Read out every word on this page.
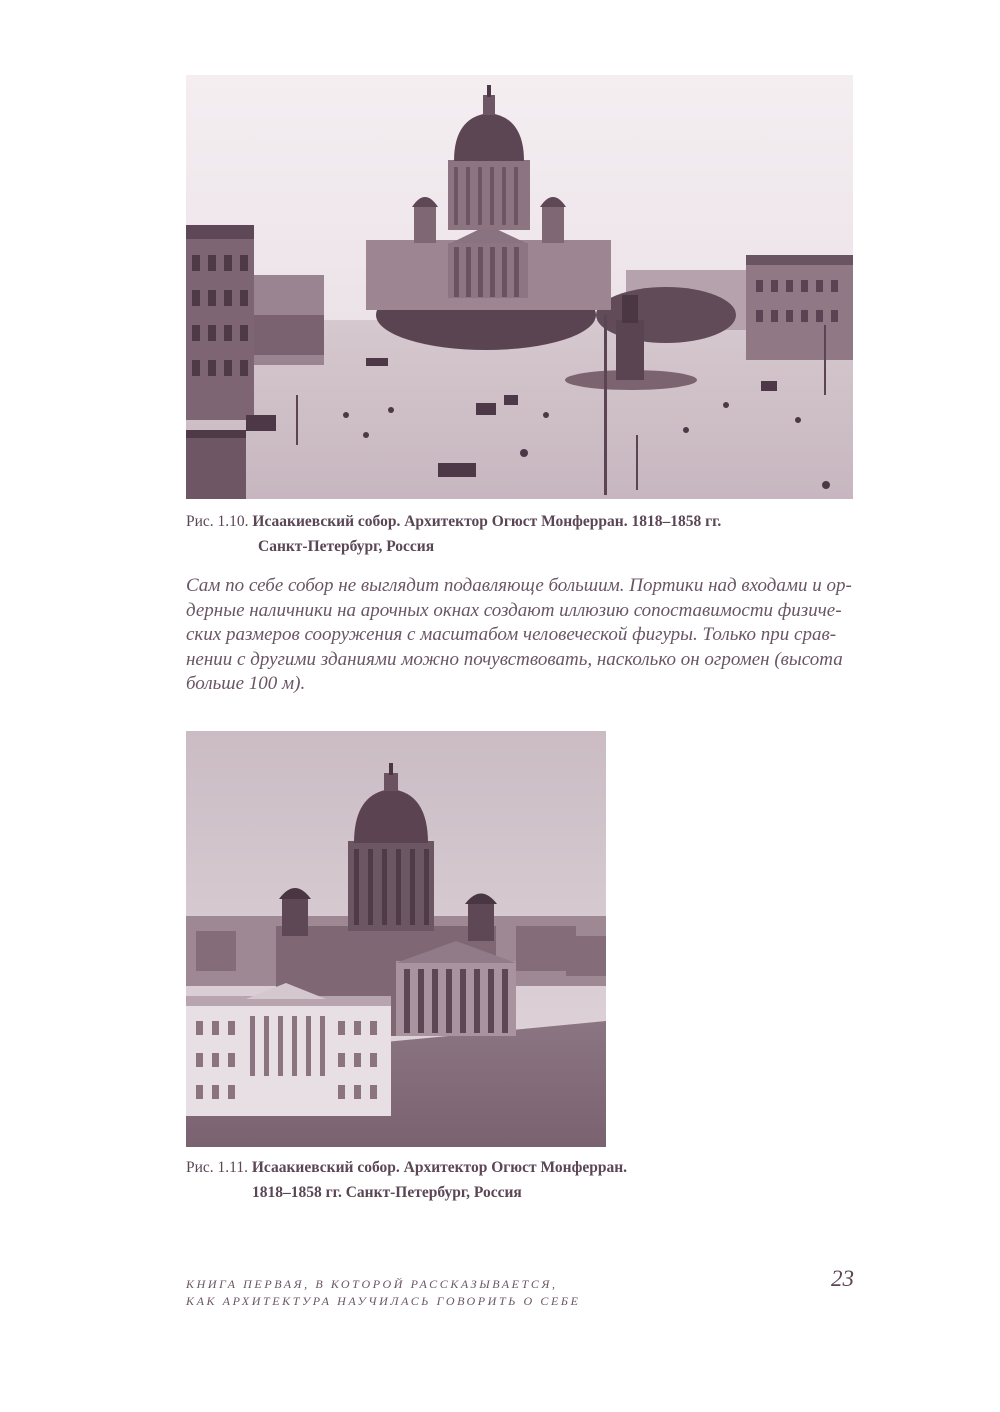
Рис. 1.10. Исаакиевский собор. Архитектор Огюст Монферран. 1818–1858 гг.
Санкт-Петербург, Россия
Сам по себе собор не выглядит подавляюще большим. Портики над входами и ор-
дерные наличники на арочных окнах создают иллюзию сопоставимости физиче-
ских размеров сооружения с масштабом человеческой фигуры. Только при срав-
нении с другими зданиями можно почувствовать, насколько он огромен (высота
больше 100 м).
Рис. 1.11. Исаакиевский собор. Архитектор Огюст Монферран.
1818–1858 гг. Санкт-Петербург, Россия
КНИГА ПЕРВАЯ, В КОТОРОЙ РАССКАЗЫВАЕТСЯ,
КАК АРХИТЕКТУРА НАУЧИЛАСЬ ГОВОРИТЬ О СЕБЕ
23
